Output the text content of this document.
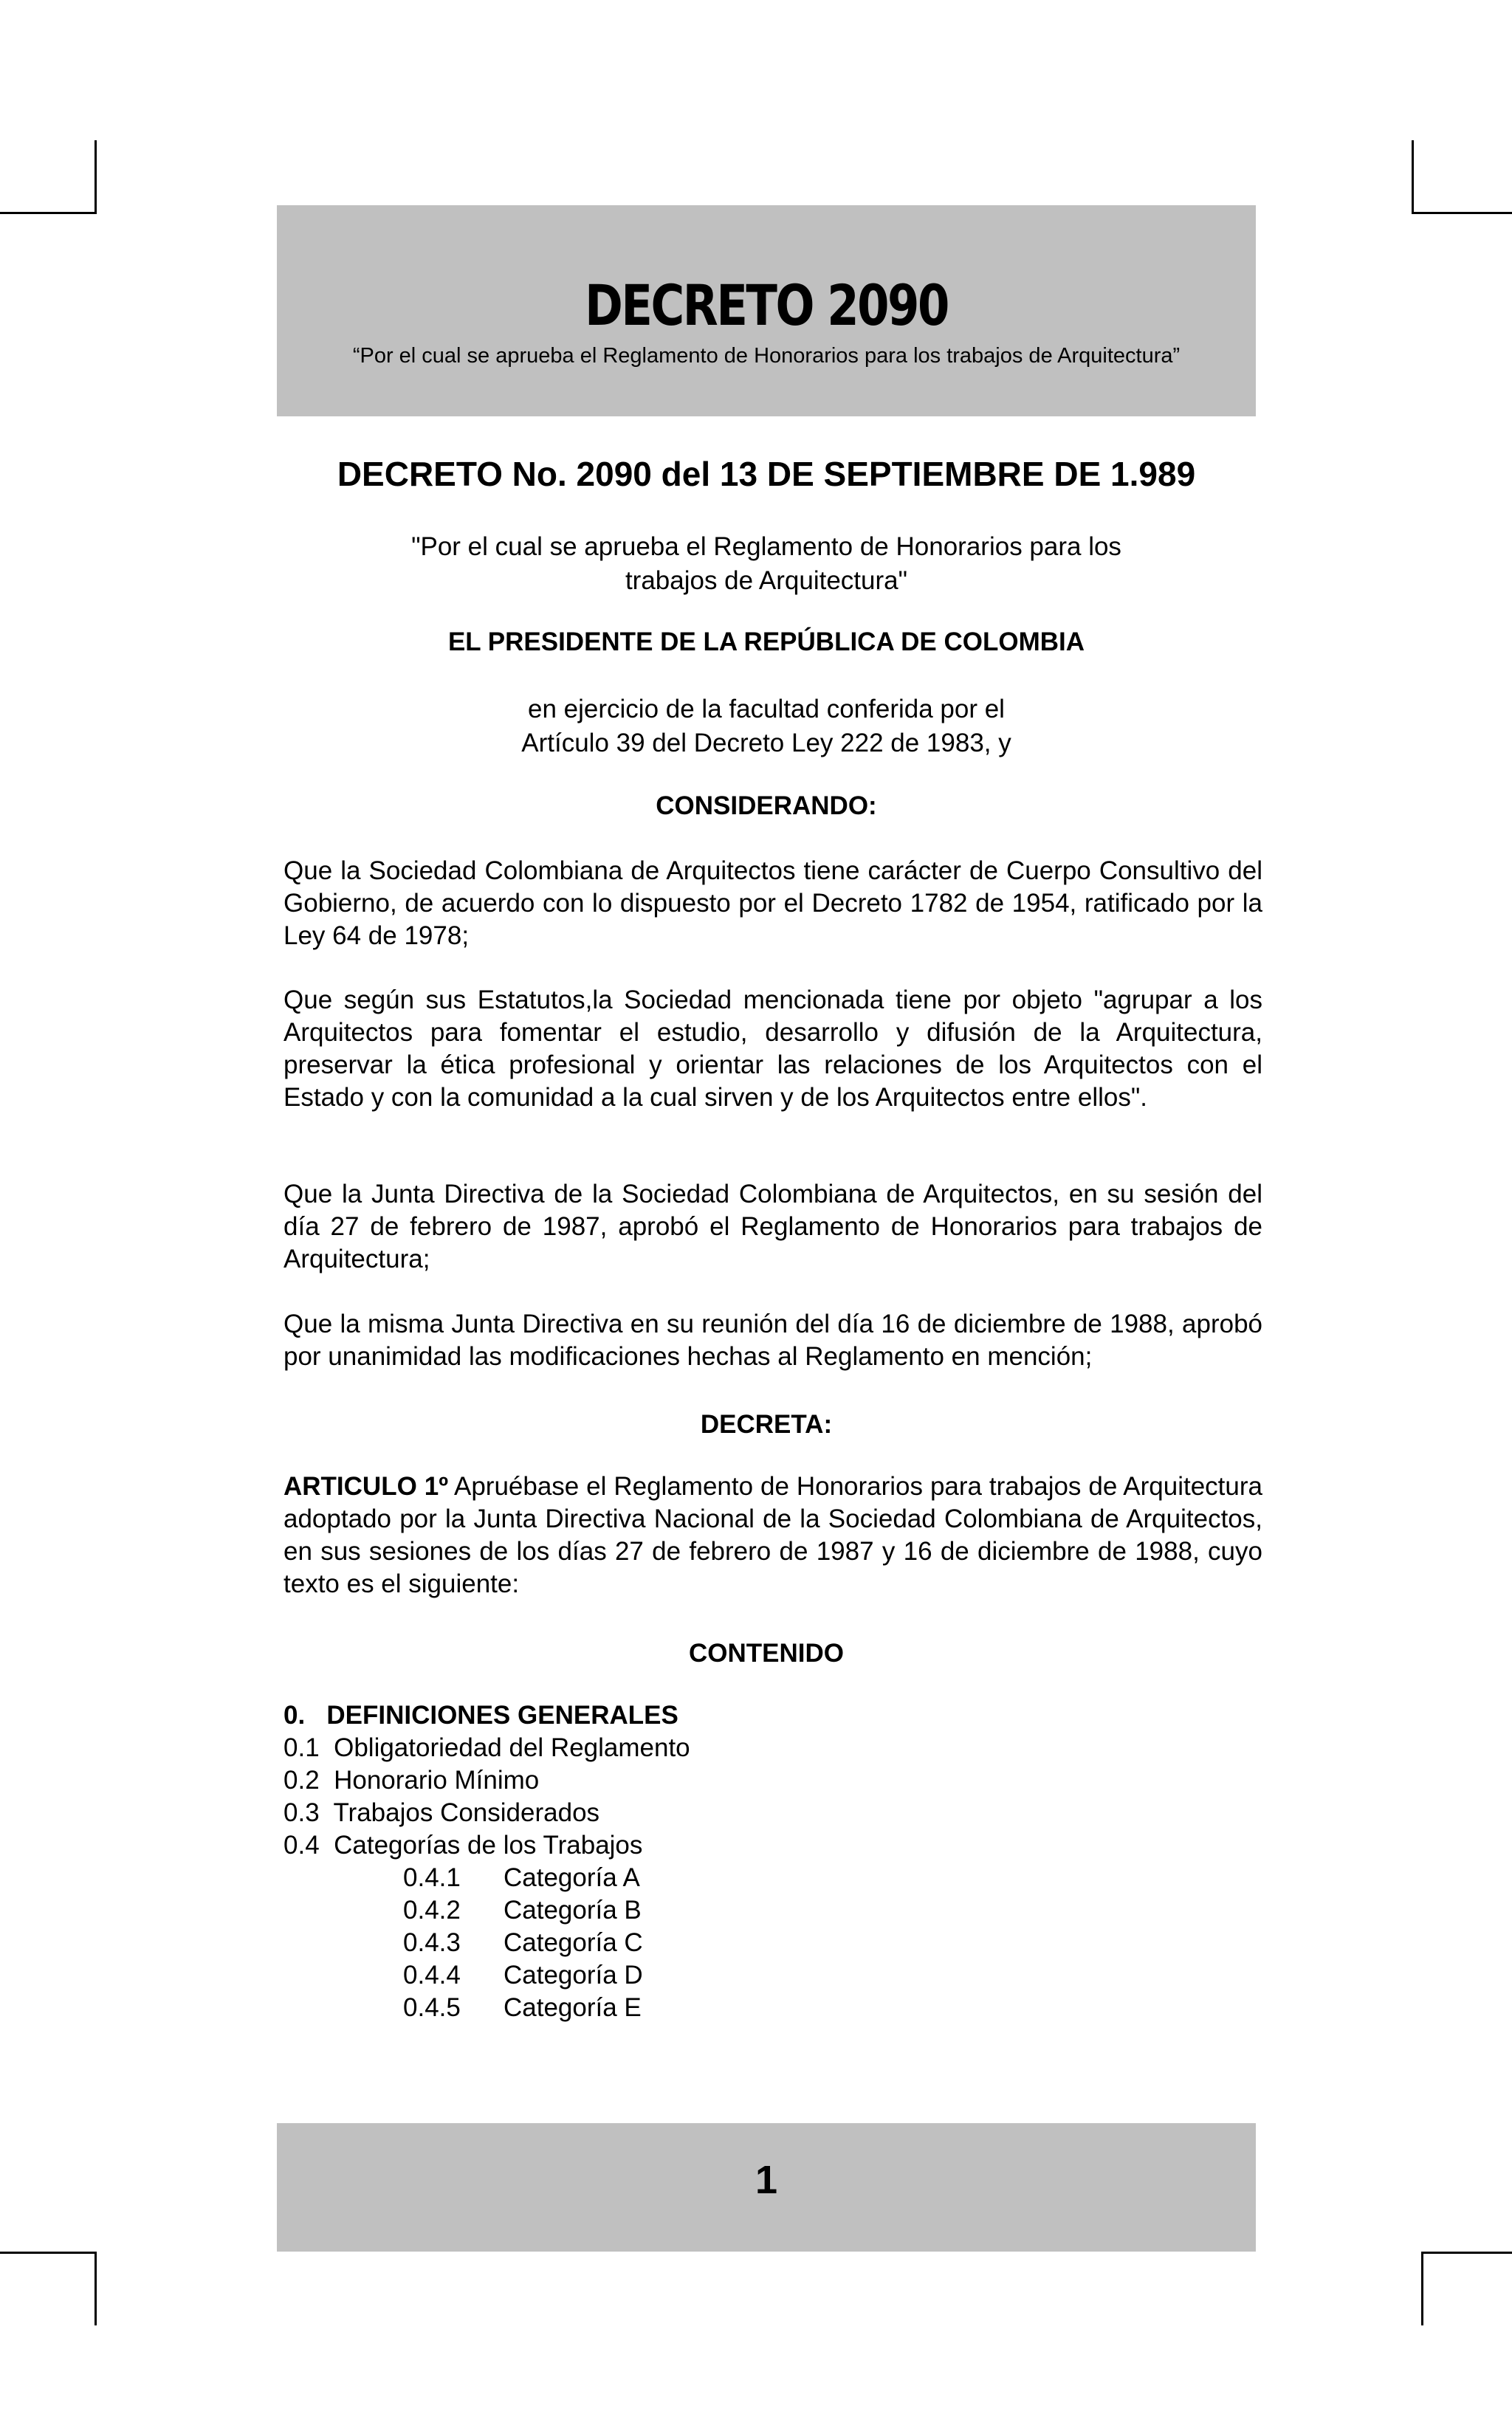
DECRETO 2090
“Por el cual se aprueba el Reglamento de Honorarios para los trabajos de Arquitectura”
DECRETO No. 2090 del 13 DE SEPTIEMBRE DE 1.989
"Por el cual se aprueba el Reglamento de Honorarios para los
trabajos de Arquitectura"
EL PRESIDENTE DE LA REPÚBLICA DE COLOMBIA
en ejercicio de la facultad conferida por el
Artículo 39 del Decreto Ley 222 de 1983, y
CONSIDERANDO:
Que la Sociedad Colombiana de Arquitectos tiene carácter de Cuerpo Consultivo del Gobierno, de acuerdo con lo dispuesto por el Decreto 1782 de 1954, ratificado por la Ley 64 de 1978;
Que según sus Estatutos,la Sociedad mencionada tiene por objeto "agrupar a los Arquitectos para fomentar el estudio, desarrollo y difusión de la Arquitectura, preservar la ética profesional y orientar las relaciones de los Arquitectos con el Estado y con la comunidad a la cual sirven y de los Arquitectos entre ellos".
Que la Junta Directiva de la Sociedad Colombiana de Arquitectos, en su sesión del día 27 de febrero de 1987, aprobó el Reglamento de Honorarios para trabajos de Arquitectura;
Que la misma Junta Directiva en su reunión del día 16 de diciembre de 1988, aprobó por unanimidad las modificaciones hechas al Reglamento en mención;
DECRETA:
ARTICULO 1º Apruébase el Reglamento de Honorarios para trabajos de Arquitectura adoptado por la Junta Directiva Nacional de la Sociedad Colombiana de Arquitectos, en sus sesiones de los días 27 de febrero de 1987 y 16 de diciembre de 1988, cuyo texto es el siguiente:
CONTENIDO
0.   DEFINICIONES GENERALES
0.1  Obligatoriedad del Reglamento
0.2  Honorario Mínimo
0.3  Trabajos Considerados
0.4  Categorías de los Trabajos
0.4.1 Categoría A
0.4.2 Categoría B
0.4.3 Categoría C
0.4.4 Categoría D
0.4.5 Categoría E
1
